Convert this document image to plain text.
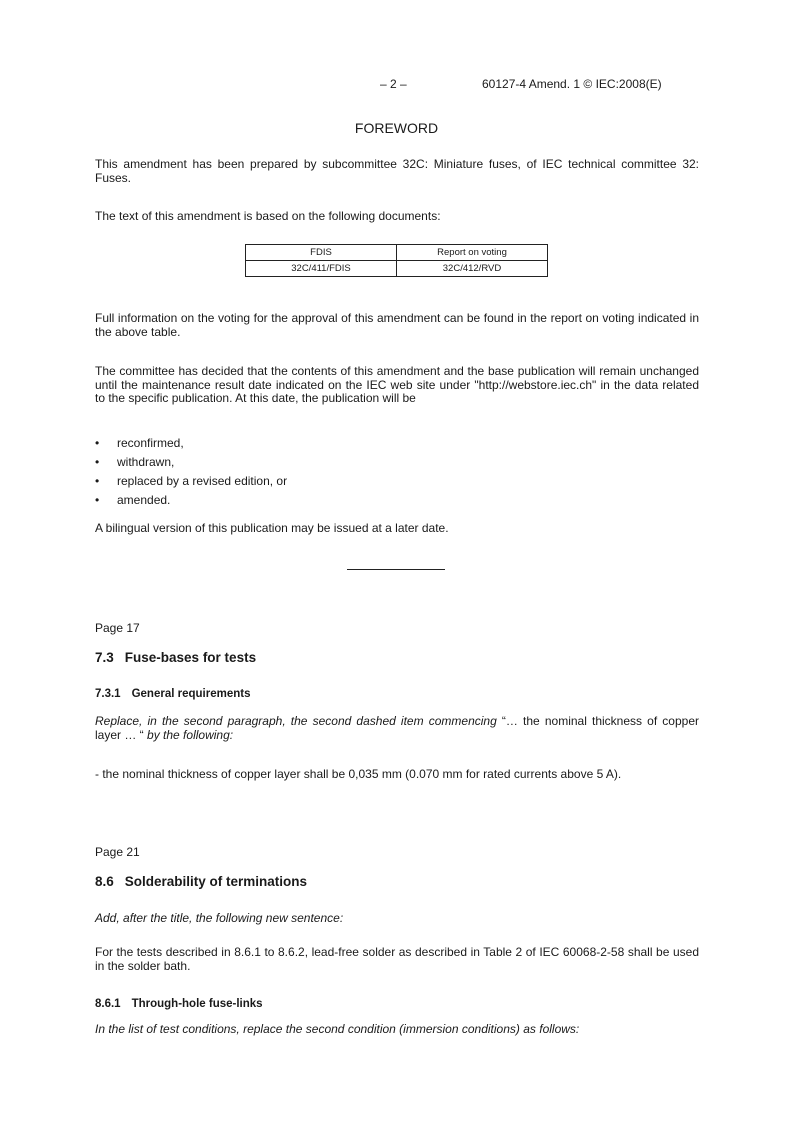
– 2 –	60127-4 Amend. 1 © IEC:2008(E)
FOREWORD
This amendment has been prepared by subcommittee 32C: Miniature fuses, of IEC technical committee 32: Fuses.
The text of this amendment is based on the following documents:
FDIS	Report on voting
32C/411/FDIS	32C/412/RVD
Full information on the voting for the approval of this amendment can be found in the report on voting indicated in the above table.
The committee has decided that the contents of this amendment and the base publication will remain unchanged until the maintenance result date indicated on the IEC web site under "http://webstore.iec.ch" in the data related to the specific publication. At this date, the publication will be
• reconfirmed,
• withdrawn,
• replaced by a revised edition, or
• amended.
A bilingual version of this publication may be issued at a later date.
Page 17
7.3 Fuse-bases for tests
7.3.1 General requirements
Replace, in the second paragraph, the second dashed item commencing “… the nominal thickness of copper layer … “ by the following:
- the nominal thickness of copper layer shall be 0,035 mm (0.070 mm for rated currents above 5 A).
Page 21
8.6 Solderability of terminations
Add, after the title, the following new sentence:
For the tests described in 8.6.1 to 8.6.2, lead-free solder as described in Table 2 of IEC 60068-2-58 shall be used in the solder bath.
8.6.1 Through-hole fuse-links
In the list of test conditions, replace the second condition (immersion conditions) as follows:
